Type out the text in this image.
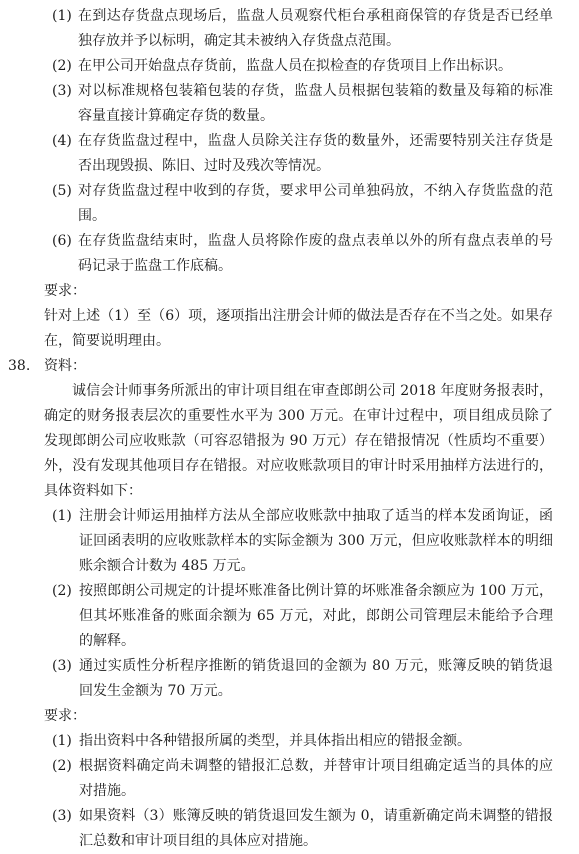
(1) 在到达存货盘点现场后，监盘人员观察代柜台承租商保管的存货是否已经单独存放并予以标明，确定其未被纳入存货盘点范围。
(2) 在甲公司开始盘点存货前，监盘人员在拟检查的存货项目上作出标识。
(3) 对以标准规格包装箱包装的存货，监盘人员根据包装箱的数量及每箱的标准容量直接计算确定存货的数量。
(4) 在存货监盘过程中，监盘人员除关注存货的数量外，还需要特别关注存货是否出现毁损、陈旧、过时及残次等情况。
(5) 对存货监盘过程中收到的存货，要求甲公司单独码放，不纳入存货监盘的范围。
(6) 在存货监盘结束时，监盘人员将除作废的盘点表单以外的所有盘点表单的号码记录于监盘工作底稿。
要求：
针对上述（1）至（6）项，逐项指出注册会计师的做法是否存在不当之处。如果存在，简要说明理由。
38. 资料：
诚信会计师事务所派出的审计项目组在审查郎朗公司 2018 年度财务报表时，确定的财务报表层次的重要性水平为 300 万元。在审计过程中，项目组成员除了发现郎朗公司应收账款（可容忍错报为 90 万元）存在错报情况（性质均不重要）外，没有发现其他项目存在错报。对应收账款项目的审计时采用抽样方法进行的，具体资料如下：
(1) 注册会计师运用抽样方法从全部应收账款中抽取了适当的样本发函询证，函证回函表明的应收账款样本的实际金额为 300 万元，但应收账款样本的明细账余额合计数为 485 万元。
(2) 按照郎朗公司规定的计提坏账准备比例计算的坏账准备余额应为 100 万元，但其坏账准备的账面余额为 65 万元，对此，郎朗公司管理层未能给予合理的解释。
(3) 通过实质性分析程序推断的销货退回的金额为 80 万元，账簿反映的销货退回发生金额为 70 万元。
要求：
(1) 指出资料中各种错报所属的类型，并具体指出相应的错报金额。
(2) 根据资料确定尚未调整的错报汇总数，并替审计项目组确定适当的具体的应对措施。
(3) 如果资料（3）账簿反映的销货退回发生额为 0，请重新确定尚未调整的错报汇总数和审计项目组的具体应对措施。
